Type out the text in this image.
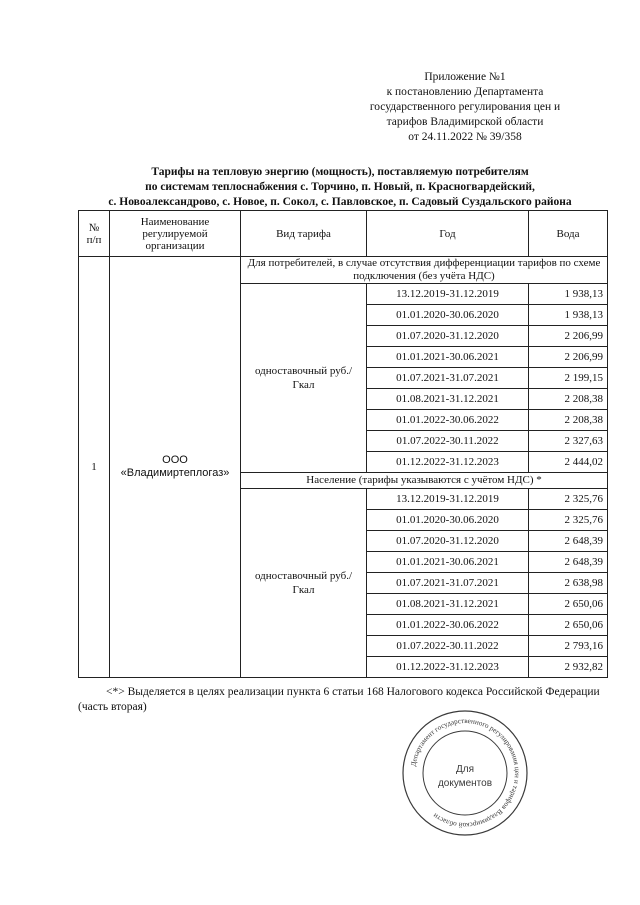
Приложение №1
к постановлению Департамента
государственного регулирования цен и
тарифов Владимирской области
от 24.11.2022 № 39/358
Тарифы на тепловую энергию (мощность), поставляемую потребителям
по системам теплоснабжения с. Торчино, п. Новый, п. Красногвардейский,
с. Новоалександрово, с. Новое, п. Сокол, с. Павловское, п. Садовый Суздальского района
№ п/п	Наименование регулируемой организации	Вид тарифа	Год	Вода
1	ООО «Владимиртеплогаз»	Для потребителей, в случае отсутствия дифференциации тарифов по схеме подключения (без учёта НДС)		
		одноставочный руб./Гкал	13.12.2019-31.12.2019	1 938,13
			01.01.2020-30.06.2020	1 938,13
			01.07.2020-31.12.2020	2 206,99
			01.01.2021-30.06.2021	2 206,99
			01.07.2021-31.07.2021	2 199,15
			01.08.2021-31.12.2021	2 208,38
			01.01.2022-30.06.2022	2 208,38
			01.07.2022-30.11.2022	2 327,63
			01.12.2022-31.12.2023	2 444,02
		Население (тарифы указываются с учётом НДС) *		
		одноставочный руб./Гкал	13.12.2019-31.12.2019	2 325,76
			01.01.2020-30.06.2020	2 325,76
			01.07.2020-31.12.2020	2 648,39
			01.01.2021-30.06.2021	2 648,39
			01.07.2021-31.07.2021	2 638,98
			01.08.2021-31.12.2021	2 650,06
			01.01.2022-30.06.2022	2 650,06
			01.07.2022-30.11.2022	2 793,16
			01.12.2022-31.12.2023	2 932,82
<*> Выделяется в целях реализации пункта 6 статьи 168 Налогового кодекса Российской Федерации (часть вторая)
Департамент государственного регулирования цен и тарифов Владимирской области
Для
документов
